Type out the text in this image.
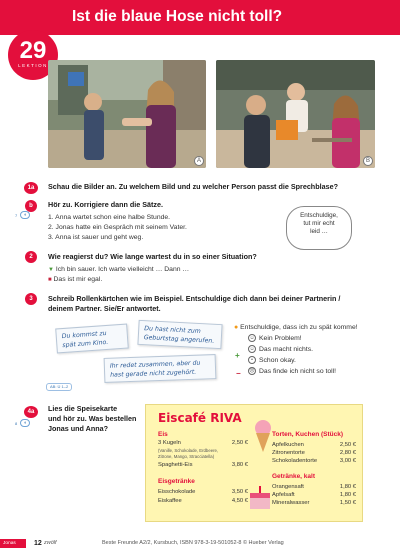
Ist die blaue Hose nicht toll?
29
LEKTION
A	B
1a	Schau die Bilder an. Zu welchem Bild und zu welcher Person passt die Sprechblase?
b
7	◖
Hör zu. Korrigiere dann die Sätze.
1. Anna wartet schon eine halbe Stunde.
2. Jonas hatte ein Gespräch mit seinem Vater.
3. Anna ist sauer und geht weg.
Entschuldige,
tut mir echt
leid …
2	Wie reagierst du? Wie lange wartest du in so einer Situation?
▼ Ich bin sauer. Ich warte vielleicht … Dann …
■ Das ist mir egal.
3	Schreib Rollenkärtchen wie im Beispiel. Entschuldige dich dann bei deiner Partnerin /
deinem Partner. Sie/Er antwortet.
Du kommst zu
spät zum Kino.
Du hast nicht zum
Geburtstag angerufen.
Ihr redet zusammen, aber du
hast gerade nicht zugehört.
● Entschuldige, dass ich zu spät komme!
+
−
☺ Kein Problem!
☺ Das macht nichts.
• Schon okay.
☹ Das finde ich nicht so toll!
AB: Ü 1–2
4a
8	◖
Lies die Speisekarte
und hör zu. Was bestellen
Jonas und Anna?
Eiscafé RIVA
Eis
3 Kugeln	2,50 €
(Vanille, Schokolade, Erdbeere,
Zitrone, Mango, Stracciatella)
Spaghetti-Eis	3,80 €
Eisgetränke
Eisschokolade	3,50 €
Eiskaffee	4,50 €
Torten, Kuchen (Stück)
Apfelkuchen	2,50 €
Zitronentorte	2,80 €
Schokoladentorte	3,00 €
Getränke, kalt
Orangensaft	1,80 €
Apfelsaft	1,80 €
Mineralwasser	1,50 €
Jonas	12 zwölf	Beste Freunde A2/2, Kursbuch, ISBN 978-3-19-501052-8 © Hueber Verlag
